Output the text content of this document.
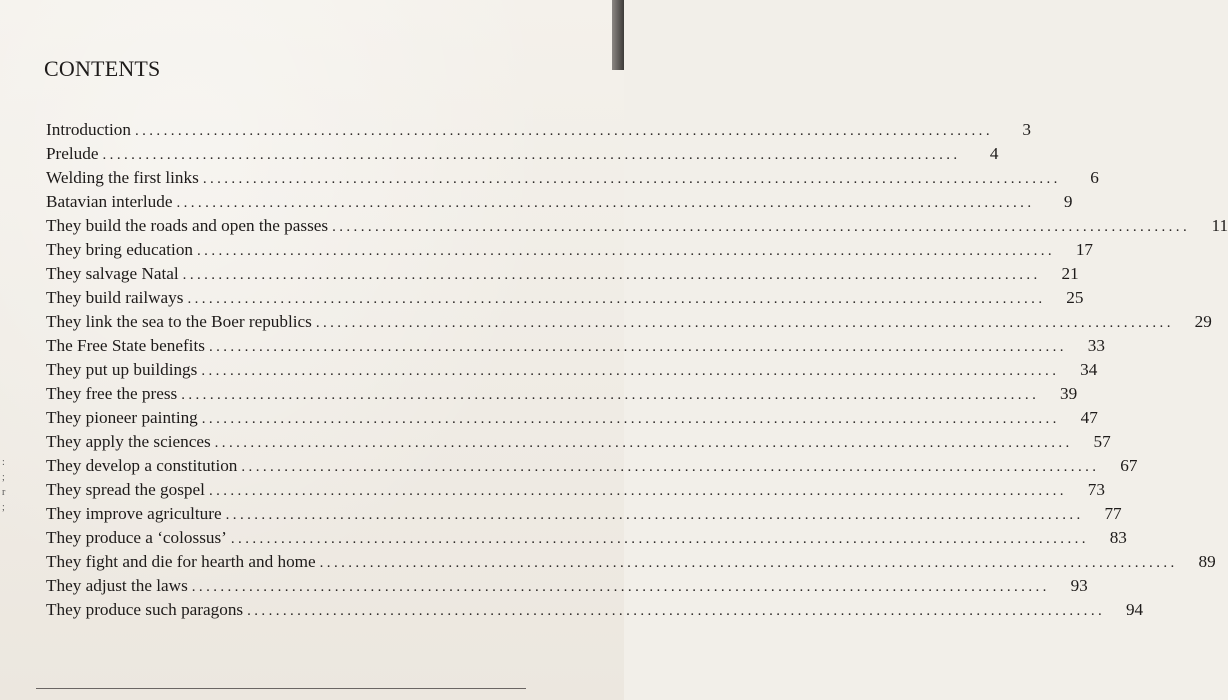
CONTENTS
Introduction ........................................................................................................................	3
Prelude ........................................................................................................................	4
Welding the first links ........................................................................................................................	6
Batavian interlude ........................................................................................................................	9
They build the roads and open the passes ........................................................................................................................	11
They bring education ........................................................................................................................	17
They salvage Natal ........................................................................................................................	21
They build railways ........................................................................................................................	25
They link the sea to the Boer republics ........................................................................................................................	29
The Free State benefits ........................................................................................................................	33
They put up buildings ........................................................................................................................	34
They free the press ........................................................................................................................	39
They pioneer painting ........................................................................................................................	47
They apply the sciences ........................................................................................................................	57
They develop a constitution ........................................................................................................................	67
They spread the gospel ........................................................................................................................	73
They improve agriculture ........................................................................................................................	77
They produce a ‘colossus’ ........................................................................................................................	83
They fight and die for hearth and home ........................................................................................................................	89
They adjust the laws ........................................................................................................................	93
They produce such paragons ........................................................................................................................	94
:
;
r
;
